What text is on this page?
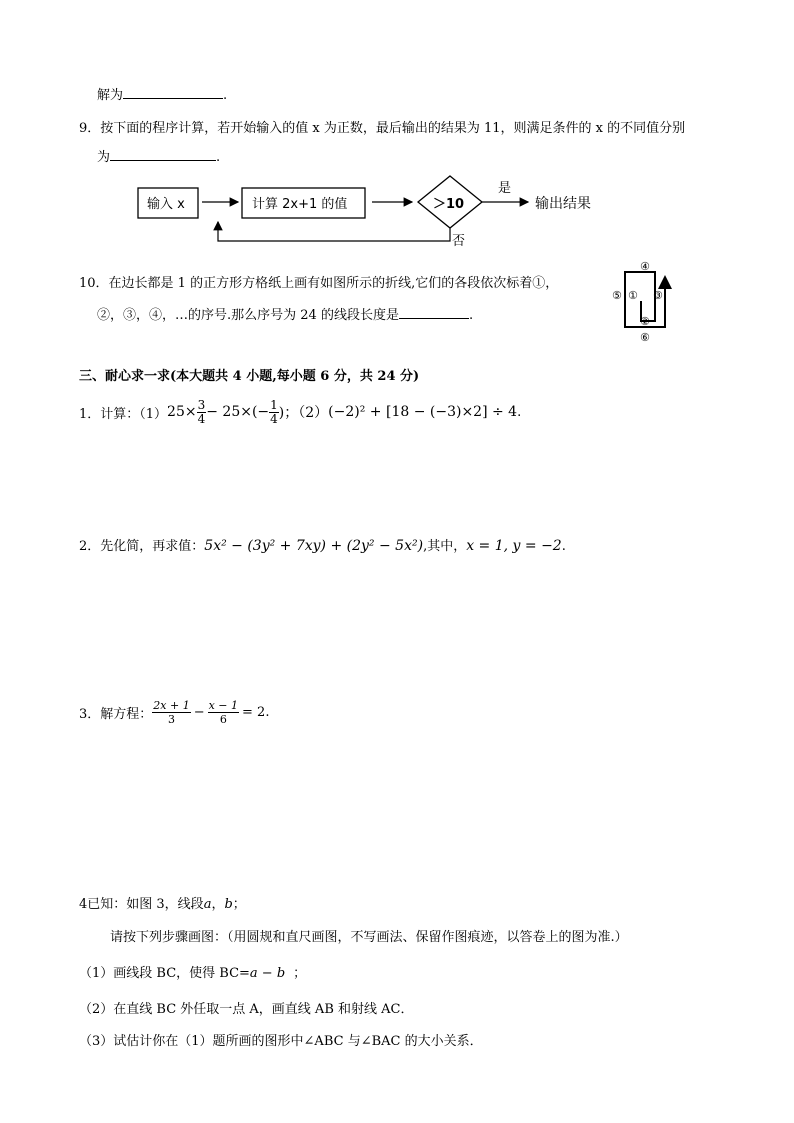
解为	.
9．按下面的程序计算，若开始输入的值 x 为正数，最后输出的结果为 11，则满足条件的 x 的不同值分别
为	.
输入 x	计算 2x+1 的值	＞10
是
输出结果
否
10．在边长都是 1 的正方形方格纸上画有如图所示的折线,它们的各段依次标着①，
②，③，④，…的序号.那么序号为 24 的线段长度是	.
④
⑤ ① ③
②
⑥
三、耐心求一求(本大题共 4 小题,每小题 6 分，共 24 分)
1．计算：（1） $25\times \frac{3}{4} - 25\times(- \frac{1}{4}$ )；（2） (−2)² + [18 − (−3)×2] ÷ 4 .
2．先化简，再求值：5x² − (3y² + 7xy) + (2y² − 5x²),其中，x = 1, y = −2.
3．解方程： $\frac{2x + 1}{3} - \frac{x - 1}{6} = 2$ .
4已知：如图 3，线段a，b；
请按下列步骤画图：（用圆规和直尺画图，不写画法、保留作图痕迹，以答卷上的图为准.）
（1）画线段 BC，使得 BC=a − b ；
（2）在直线 BC 外任取一点 A，画直线 AB 和射线 AC．
（3）试估计你在（1）题所画的图形中∠ABC 与∠BAC 的大小关系．
